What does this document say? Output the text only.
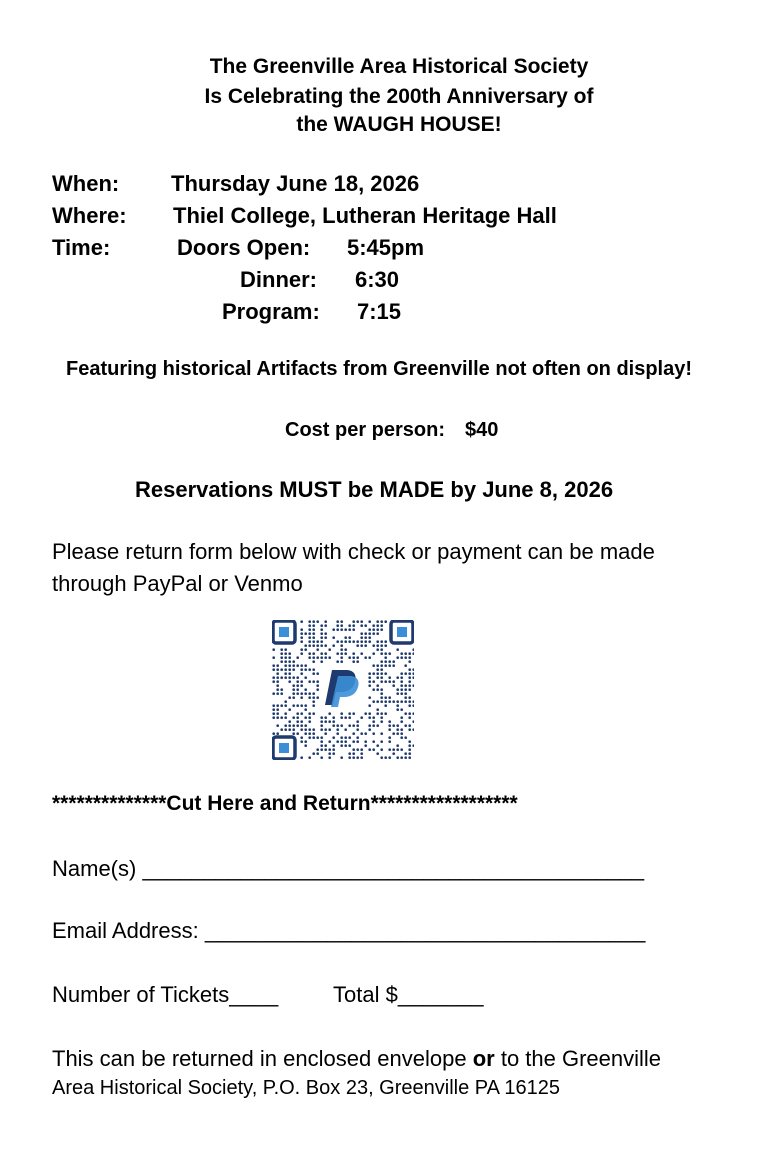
The Greenville Area Historical Society
Is Celebrating the 200th Anniversary of
the WAUGH HOUSE!
When: Thursday June 18, 2026
Where: Thiel College, Lutheran Heritage Hall
Time:	Doors Open: 5:45pm
Dinner: 6:30
Program: 7:15
Featuring historical Artifacts from Greenville not often on display!
Cost per person: $40
Reservations MUST be MADE by June 8, 2026
Please return form below with check or payment can be made
through PayPal or Venmo
**************Cut Here and Return******************
Name(s) _________________________________________
Email Address: ____________________________________
Number of Tickets____ Total $_______
This can be returned in enclosed envelope or to the Greenville
Area Historical Society, P.O. Box 23, Greenville PA 16125
